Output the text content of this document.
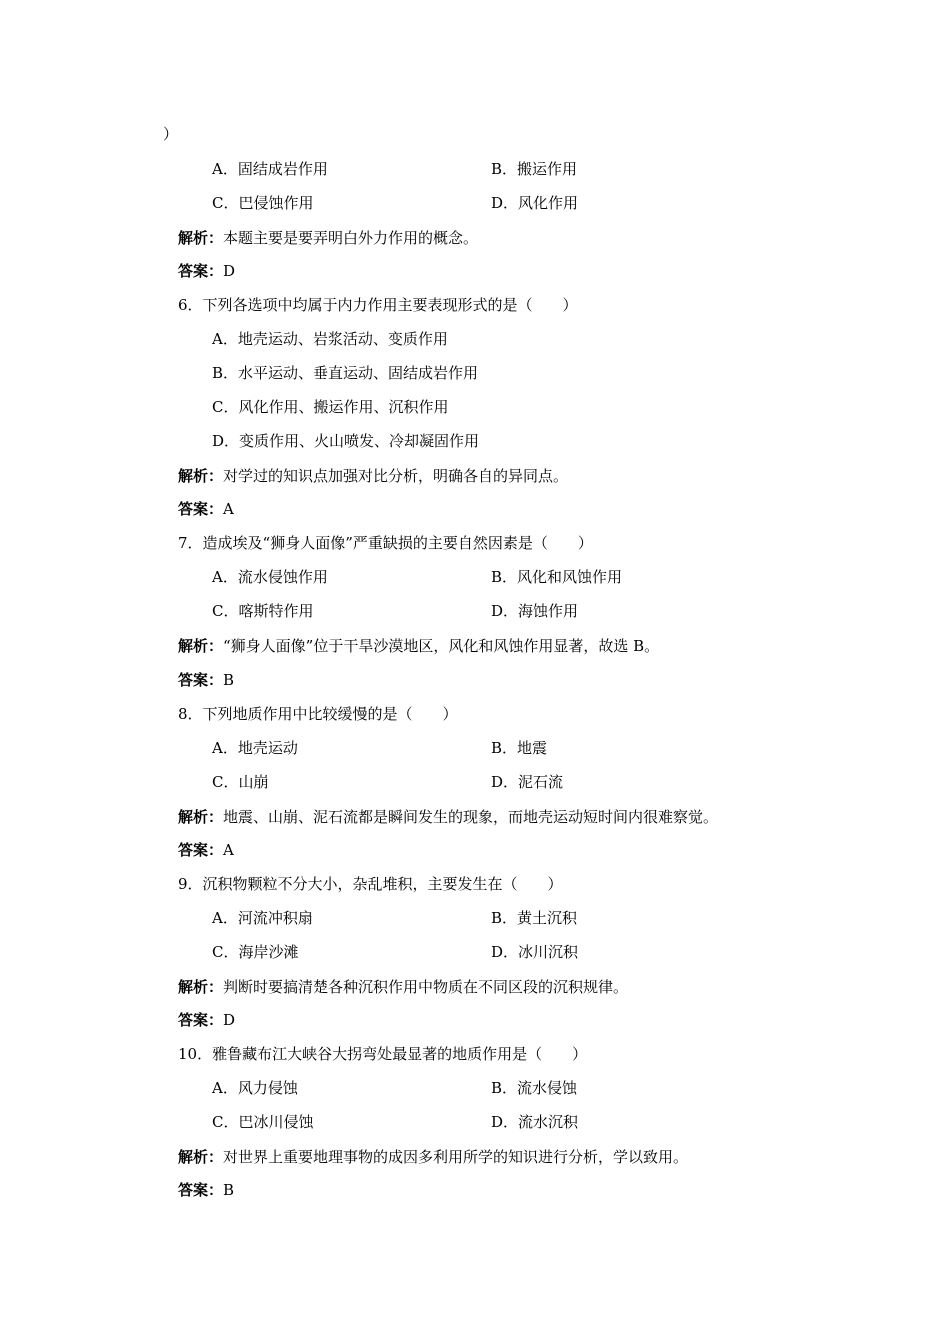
）
A．固结成岩作用	B．搬运作用
C．巴侵蚀作用	D．风化作用
解析：本题主要是要弄明白外力作用的概念。
答案：D
6．下列各选项中均属于内力作用主要表现形式的是（　　）
A．地壳运动、岩浆活动、变质作用
B．水平运动、垂直运动、固结成岩作用
C．风化作用、搬运作用、沉积作用
D．变质作用、火山喷发、冷却凝固作用
解析：对学过的知识点加强对比分析，明确各自的异同点。
答案：A
7．造成埃及“狮身人面像”严重缺损的主要自然因素是（　　）
A．流水侵蚀作用	B．风化和风蚀作用
C．喀斯特作用	D．海蚀作用
解析：“狮身人面像”位于干旱沙漠地区，风化和风蚀作用显著，故选 B。
答案：B
8．下列地质作用中比较缓慢的是（　　）
A．地壳运动	B．地震
C．山崩	D．泥石流
解析：地震、山崩、泥石流都是瞬间发生的现象，而地壳运动短时间内很难察觉。
答案：A
9．沉积物颗粒不分大小，杂乱堆积，主要发生在（　　）
A．河流冲积扇	B．黄土沉积
C．海岸沙滩	D．冰川沉积
解析：判断时要搞清楚各种沉积作用中物质在不同区段的沉积规律。
答案：D
10．雅鲁藏布江大峡谷大拐弯处最显著的地质作用是（　　）
A．风力侵蚀	B．流水侵蚀
C．巴冰川侵蚀	D．流水沉积
解析：对世界上重要地理事物的成因多利用所学的知识进行分析，学以致用。
答案：B
